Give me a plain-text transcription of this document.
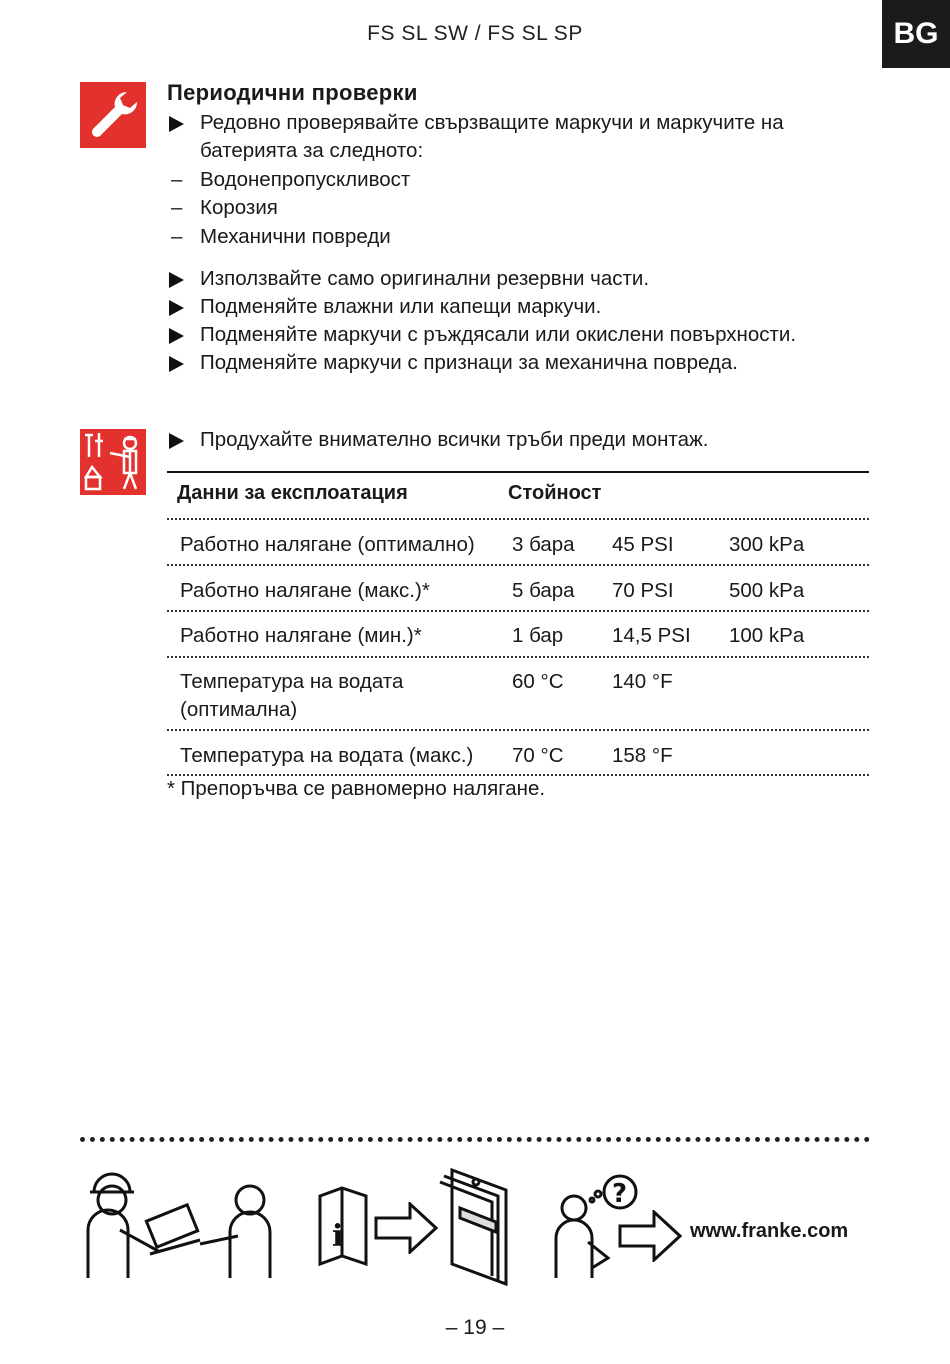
FS SL SW / FS SL SP	BG
Периодични проверки
Редовно проверявайте свързващите маркучи и маркучите на
батерията за следното:
– Водонепропускливост
– Корозия
– Механични повреди
Използвайте само оригинални резервни части.
Подменяйте влажни или капещи маркучи.
Подменяйте маркучи с ръждясали или окислени повърхности.
Подменяйте маркучи с признаци за механична повреда.
Продухайте внимателно всички тръби преди монтаж.
Данни за експлоатация	Стойност
Работно налягане (оптимално) 3 бара 45 PSI	300 kPa
Работно налягане (макс.)*	5 бара 70 PSI	500 kPa
Работно налягане (мин.)*	1 бар 14,5 PSI 100 kPa
Температура на водата
(оптимална)
60 °C 140 °F
Температура на водата (макс.) 70 °C 158 °F
* Препоръчва се равномерно налягане.
i
?
www.franke.com
– 19 –
